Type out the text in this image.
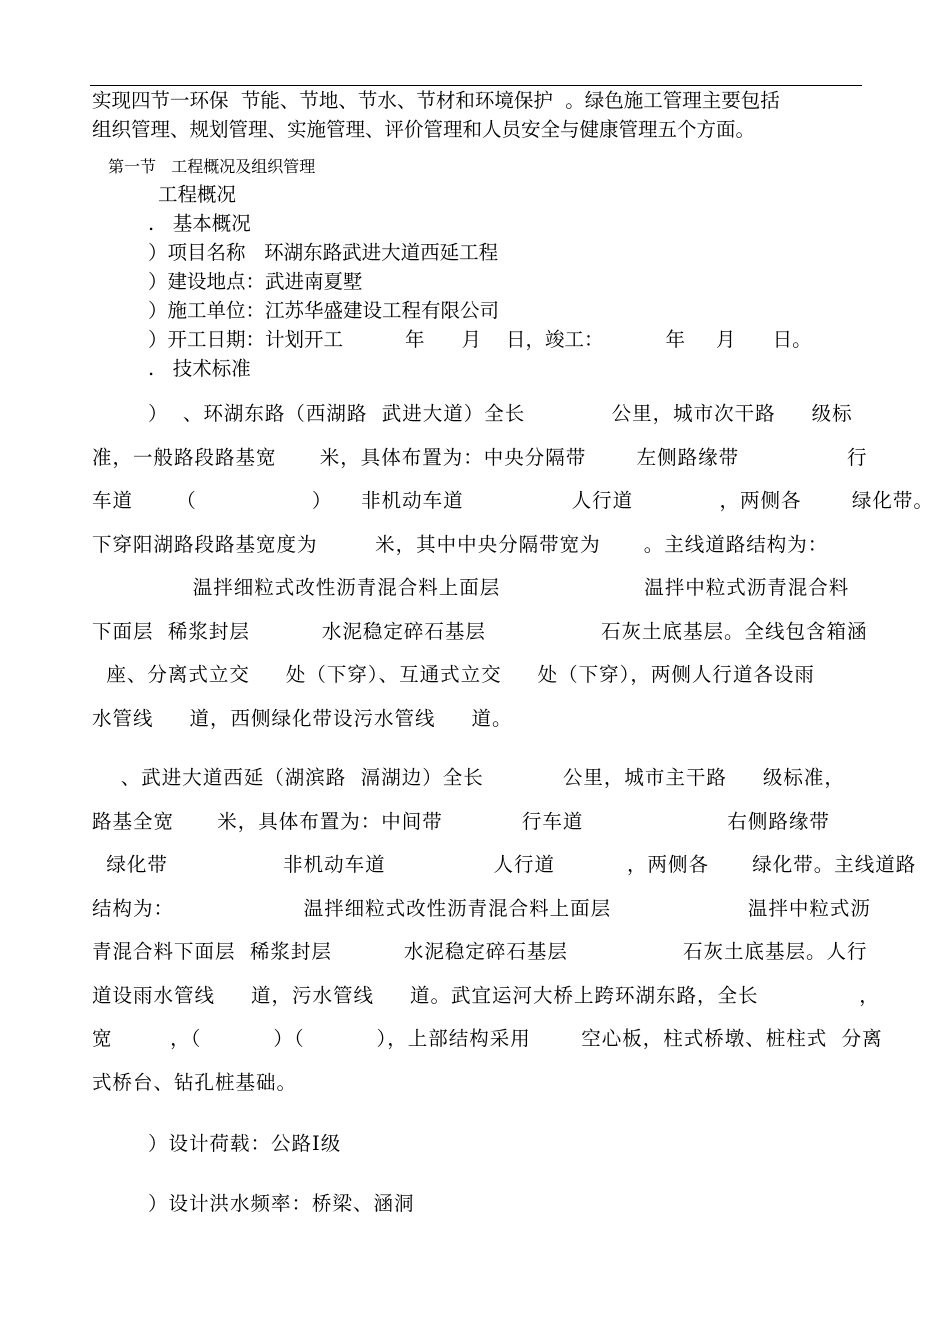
实现四节一环保  节能、节地、节水、节材和环境保护  。绿色施工管理主要包括

组织管理、规划管理、实施管理、评价管理和人员安全与健康管理五个方面。

第一节   工程概况及组织管理

工程概况

.   基本概况

）项目名称   环湖东路武进大道西延工程

）建设地点：武进南夏墅

）施工单位：江苏华盛建设工程有限公司

）开工日期：计划开工          年      月    日，竣工：          年     月      日。

.   技术标准

）  、环湖东路（西湖路  武进大道）全长            公里，城市次干路     级标

准，一般路段路基宽      米，具体布置为：中央分隔带       左侧路缘带               行

车道      （                ）    非机动车道               人行道            ，两侧各       绿化带。

下穿阳湖路段路基宽度为        米，其中中央分隔带宽为      。主线道路结构为：

温拌细粒式改性沥青混合料上面层                    温拌中粒式沥青混合料

下面层  稀浆封层          水泥稳定碎石基层                石灰土底基层。全线包含箱涵

座、分离式立交     处（下穿）、互通式立交     处（下穿），两侧人行道各设雨

水管线     道，西侧绿化带设污水管线     道。

、武进大道西延（湖滨路  滆湖边）全长           公里，城市主干路     级标准，

路基全宽      米，具体布置为：中间带           行车道                    右侧路缘带

绿化带                非机动车道               人行道          ，两侧各      绿化带。主线道路

结构为：                  温拌细粒式改性沥青混合料上面层                   温拌中粒式沥

青混合料下面层  稀浆封层          水泥稳定碎石基层                石灰土底基层。人行

道设雨水管线     道，污水管线     道。武宜运河大桥上跨环湖东路，全长              ，

宽        ，（          ）（          ），上部结构采用       空心板，柱式桥墩、桩柱式  分离

式桥台、钻孔桩基础。

）设计荷载：公路Ⅰ级

）设计洪水频率：桥梁、涵洞
